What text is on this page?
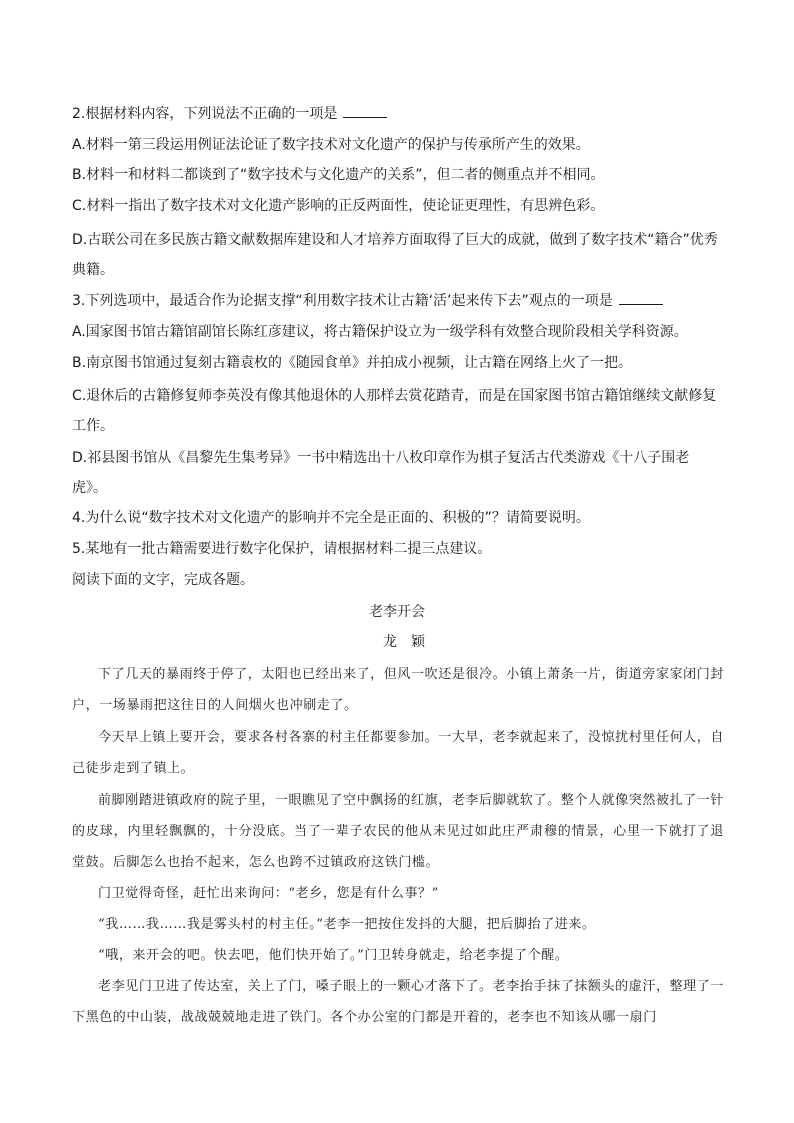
2.根据材料内容，下列说法不正确的一项是
A.材料一第三段运用例证法论证了数字技术对文化遗产的保护与传承所产生的效果。
B.材料一和材料二都谈到了“数字技术与文化遗产的关系”，但二者的侧重点并不相同。
C.材料一指出了数字技术对文化遗产影响的正反两面性，使论证更理性，有思辨色彩。
D.古联公司在多民族古籍文献数据库建设和人才培养方面取得了巨大的成就，做到了数字技术“籍合”优秀典籍。
3.下列选项中，最适合作为论据支撑“利用数字技术让古籍‘活’起来传下去”观点的一项是
A.国家图书馆古籍馆副馆长陈红彦建议，将古籍保护设立为一级学科有效整合现阶段相关学科资源。
B.南京图书馆通过复刻古籍袁枚的《随园食单》并拍成小视频，让古籍在网络上火了一把。
C.退休后的古籍修复师李英没有像其他退休的人那样去赏花踏青，而是在国家图书馆古籍馆继续文献修复工作。
D.祁县图书馆从《昌黎先生集考异》一书中精选出十八枚印章作为棋子复活古代类游戏《十八子围老虎》。
4.为什么说“数字技术对文化遗产的影响并不完全是正面的、积极的”？请简要说明。
5.某地有一批古籍需要进行数字化保护，请根据材料二提三点建议。
阅读下面的文字，完成各题。
老李开会
龙颖

下了几天的暴雨终于停了，太阳也已经出来了，但风一吹还是很冷。小镇上萧条一片，街道旁家家闭门封户，一场暴雨把这往日的人间烟火也冲刷走了。

今天早上镇上要开会，要求各村各寨的村主任都要参加。一大早，老李就起来了，没惊扰村里任何人，自己徒步走到了镇上。

前脚刚踏进镇政府的院子里，一眼瞧见了空中飘扬的红旗，老李后脚就软了。整个人就像突然被扎了一针的皮球，内里轻飘飘的，十分没底。当了一辈子农民的他从未见过如此庄严肃穆的情景，心里一下就打了退堂鼓。后脚怎么也抬不起来，怎么也跨不过镇政府这铁门槛。

门卫觉得奇怪，赶忙出来询问：“老乡，您是有什么事？”

“我……我……我是雾头村的村主任。”老李一把按住发抖的大腿，把后脚抬了进来。

“哦，来开会的吧。快去吧，他们快开始了。”门卫转身就走，给老李提了个醒。

老李见门卫进了传达室，关上了门，嗓子眼上的一颗心才落下了。老李抬手抹了抹额头的虚汗，整理了一下黑色的中山装，战战兢兢地走进了铁门。各个办公室的门都是开着的，老李也不知该从哪一扇门
